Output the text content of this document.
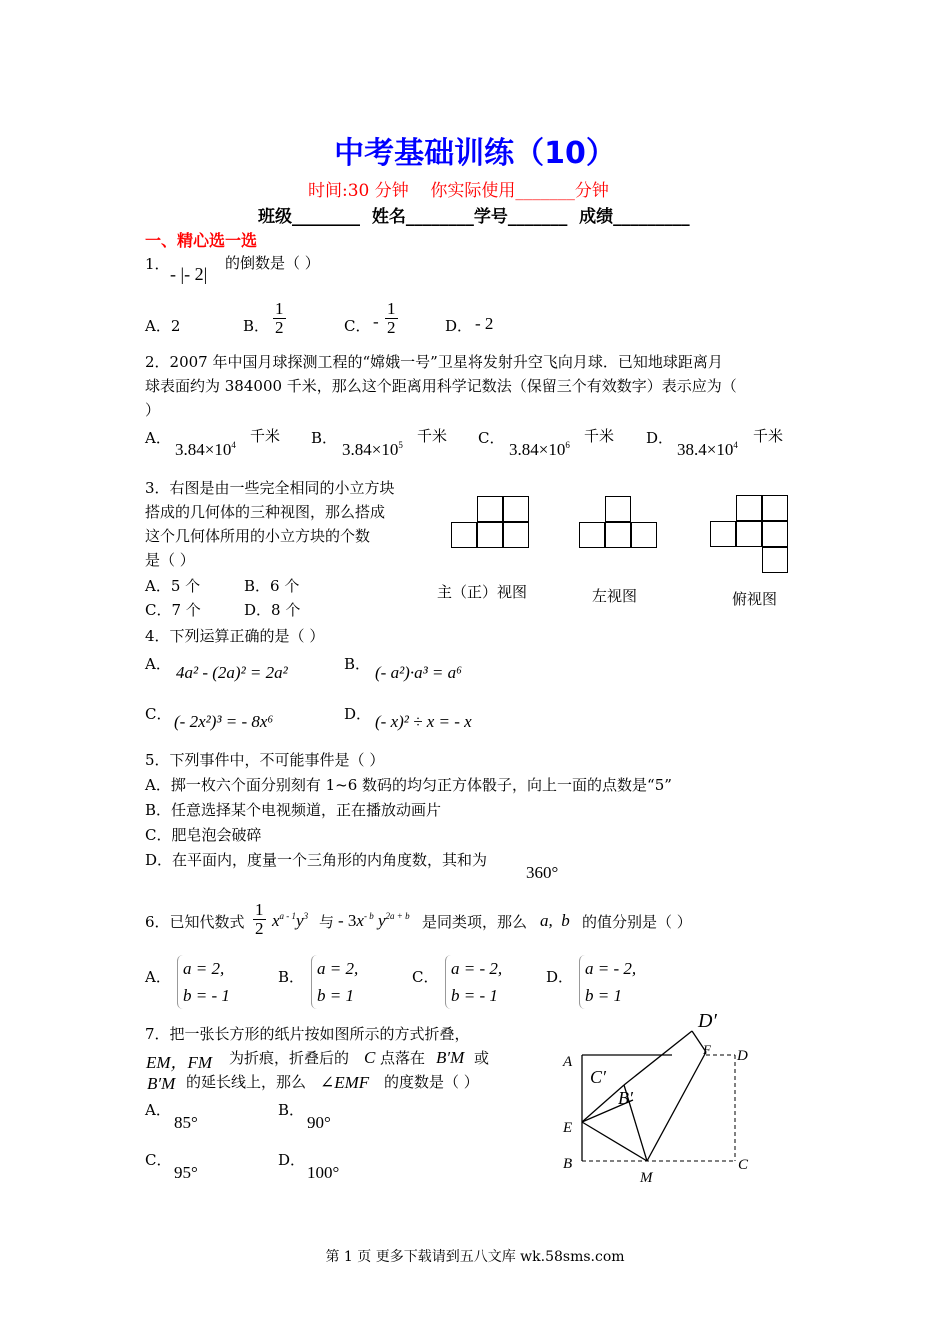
中考基础训练（10）
时间:30 分钟    你实际使用_______分钟
班级________  姓名________学号_______  成绩_________
一、精心选一选
1． - |- 2|
的倒数是（ ）
A．2	B． $\frac{1}{2}$	C． - $\frac{1}{2}$	D． - 2
2．2007 年中国月球探测工程的“嫦娥一号”卫星将发射升空飞向月球．已知地球距离月
球表面约为 384000 千米，那么这个距离用科学记数法（保留三个有效数字）表示应为（
）
A．
$3.84\times 10^4$ 千米 B．
$3.84\times 10^5$ 千米 C．
$3.84\times 10^6$ 千米 D．
$38.4\times 10^4$ 千米
3．右图是由一些完全相同的小立方块
搭成的几何体的三种视图，那么搭成
这个几何体所用的小立方块的个数
是（ ）
A．5 个	B．6 个
C．7 个	D．8 个
主（正）视图	左视图	俯视图
4．下列运算正确的是（ ）
A． 4a² - (2a)² = 2a²	B． (- a²)·a³ = a⁶
C． (- 2x²)³ = - 8x⁶	D． (- x)² ÷ x = - x
5．下列事件中，不可能事件是（ ）
A．掷一枚六个面分别刻有 1~6 数码的均匀正方体骰子，向上一面的点数是“5”
B．任意选择某个电视频道，正在播放动画片
C．肥皂泡会破碎
D．在平面内，度量一个三角形的内角度数，其和为
360°
6．已知代数式 $\frac{1}{2} x^{a - 1}y^3$ 与 - $3x^{- b}$ $y^{2a + b}$ 是同类项，那么 a,  b 的值分别是（ ）
A． a = 2,
b = - 1
B． a = 2,
b = 1
C． a = - 2,
b = - 1
D． a = - 2,
b = 1
7．把一张长方形的纸片按如图所示的方式折叠，
EM，FM 为折痕，折叠后的 C 点落在 B′M 或
B′M 的延长线上，那么 ∠EMF 的度数是（ ）
A．
85°
B．
90°
C．
95°
D．
100°
A
E
B
M
C
D
F
C′
B′
D′
第 1 页 更多下载请到五八文库 wk.58sms.com
